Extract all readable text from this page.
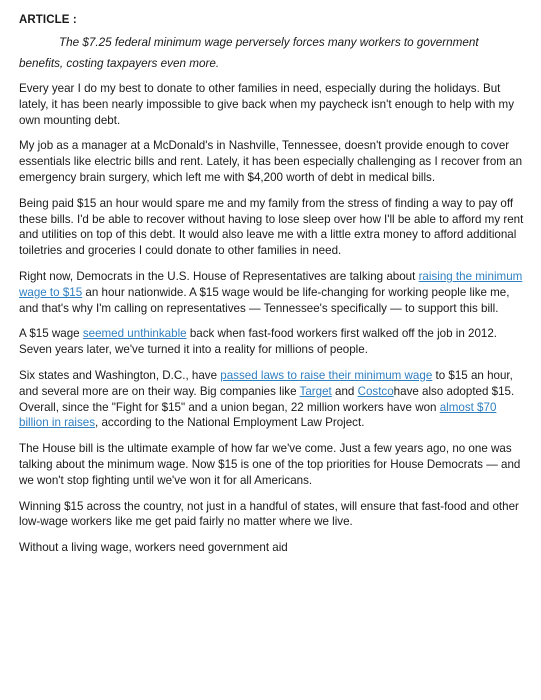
ARTICLE :
The $7.25 federal minimum wage perversely forces many workers to government benefits, costing taxpayers even more.

Every year I do my best to donate to other families in need, especially during the holidays. But lately, it has been nearly impossible to give back when my paycheck isn't enough to help with my own mounting debt.

My job as a manager at a McDonald's in Nashville, Tennessee, doesn't provide enough to cover essentials like electric bills and rent. Lately, it has been especially challenging as I recover from an emergency brain surgery, which left me with $4,200 worth of debt in medical bills.

Being paid $15 an hour would spare me and my family from the stress of finding a way to pay off these bills. I'd be able to recover without having to lose sleep over how I'll be able to afford my rent and utilities on top of this debt. It would also leave me with a little extra money to afford additional toiletries and groceries I could donate to other families in need.

Right now, Democrats in the U.S. House of Representatives are talking about raising the minimum wage to $15 an hour nationwide. A $15 wage would be life-changing for working people like me, and that's why I'm calling on representatives — Tennessee's specifically — to support this bill.

A $15 wage seemed unthinkable back when fast-food workers first walked off the job in 2012. Seven years later, we've turned it into a reality for millions of people.

Six states and Washington, D.C., have passed laws to raise their minimum wage to $15 an hour, and several more are on their way. Big companies like Target and Costcohave also adopted $15. Overall, since the "Fight for $15" and a union began, 22 million workers have won almost $70 billion in raises, according to the National Employment Law Project.

The House bill is the ultimate example of how far we've come. Just a few years ago, no one was talking about the minimum wage. Now $15 is one of the top priorities for House Democrats — and we won't stop fighting until we've won it for all Americans.

Winning $15 across the country, not just in a handful of states, will ensure that fast-food and other low-wage workers like me get paid fairly no matter where we live.

Without a living wage, workers need government aid
